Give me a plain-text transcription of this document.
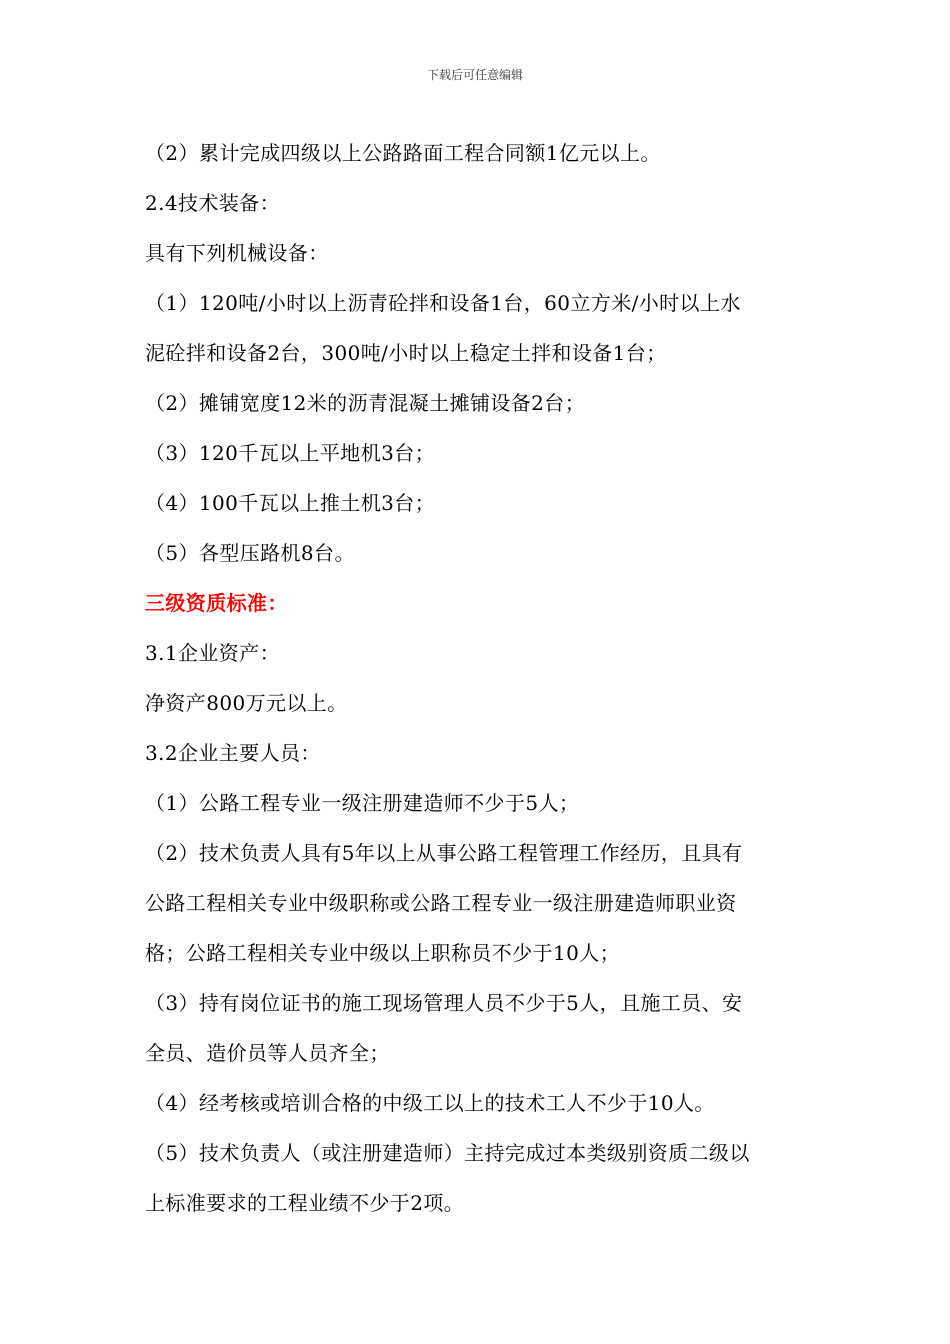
下载后可任意编辑
（2）累计完成四级以上公路路面工程合同额1亿元以上。
2.4技术装备：
具有下列机械设备：
（1）120吨/小时以上沥青砼拌和设备1台，60立方米/小时以上水
泥砼拌和设备2台，300吨/小时以上稳定土拌和设备1台；
（2）摊铺宽度12米的沥青混凝土摊铺设备2台；
（3）120千瓦以上平地机3台；
（4）100千瓦以上推土机3台；
（5）各型压路机8台。
三级资质标准：
3.1企业资产：
净资产800万元以上。
3.2企业主要人员：
（1）公路工程专业一级注册建造师不少于5人；
（2）技术负责人具有5年以上从事公路工程管理工作经历，且具有
公路工程相关专业中级职称或公路工程专业一级注册建造师职业资
格；公路工程相关专业中级以上职称员不少于10人；
（3）持有岗位证书的施工现场管理人员不少于5人，且施工员、安
全员、造价员等人员齐全；
（4）经考核或培训合格的中级工以上的技术工人不少于10人。
（5）技术负责人（或注册建造师）主持完成过本类级别资质二级以
上标准要求的工程业绩不少于2项。
